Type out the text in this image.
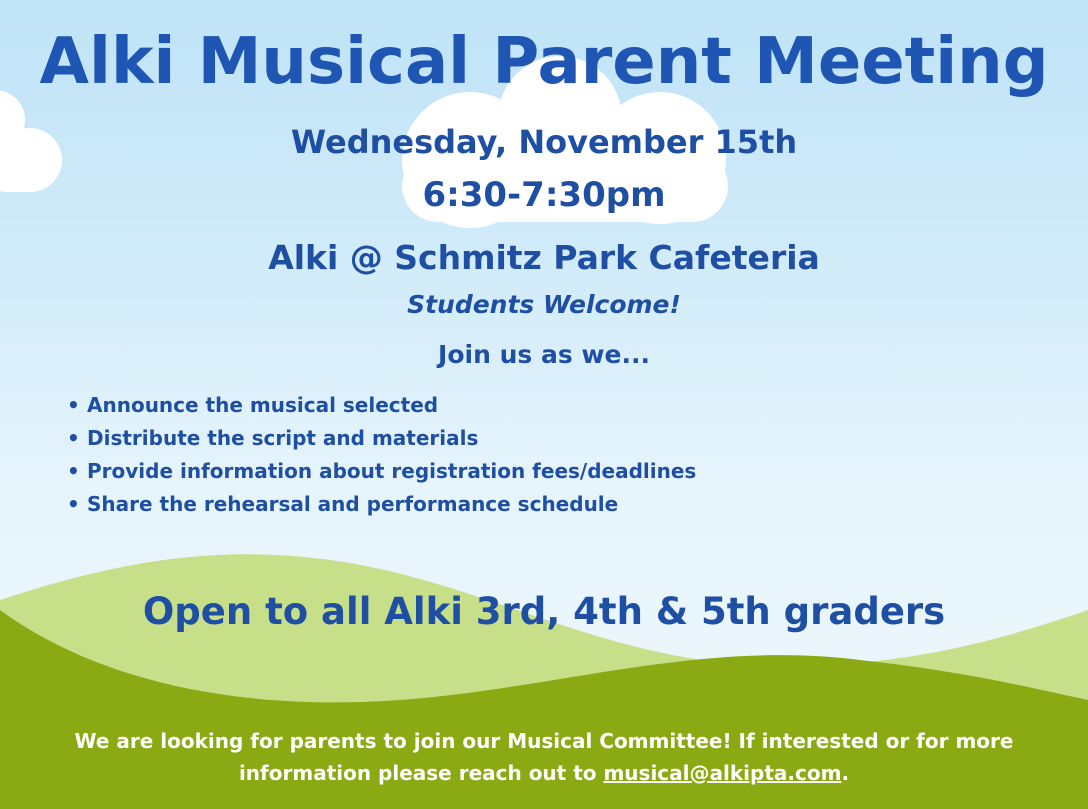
Alki Musical Parent Meeting
Wednesday, November 15th
6:30-7:30pm
Alki @ Schmitz Park Cafeteria
Students Welcome!
Join us as we...
• Announce the musical selected
• Distribute the script and materials
• Provide information about registration fees/deadlines
• Share the rehearsal and performance schedule
Open to all Alki 3rd, 4th & 5th graders
We are looking for parents to join our Musical Committee! If interested or for more
information please reach out to musical@alkipta.com.
